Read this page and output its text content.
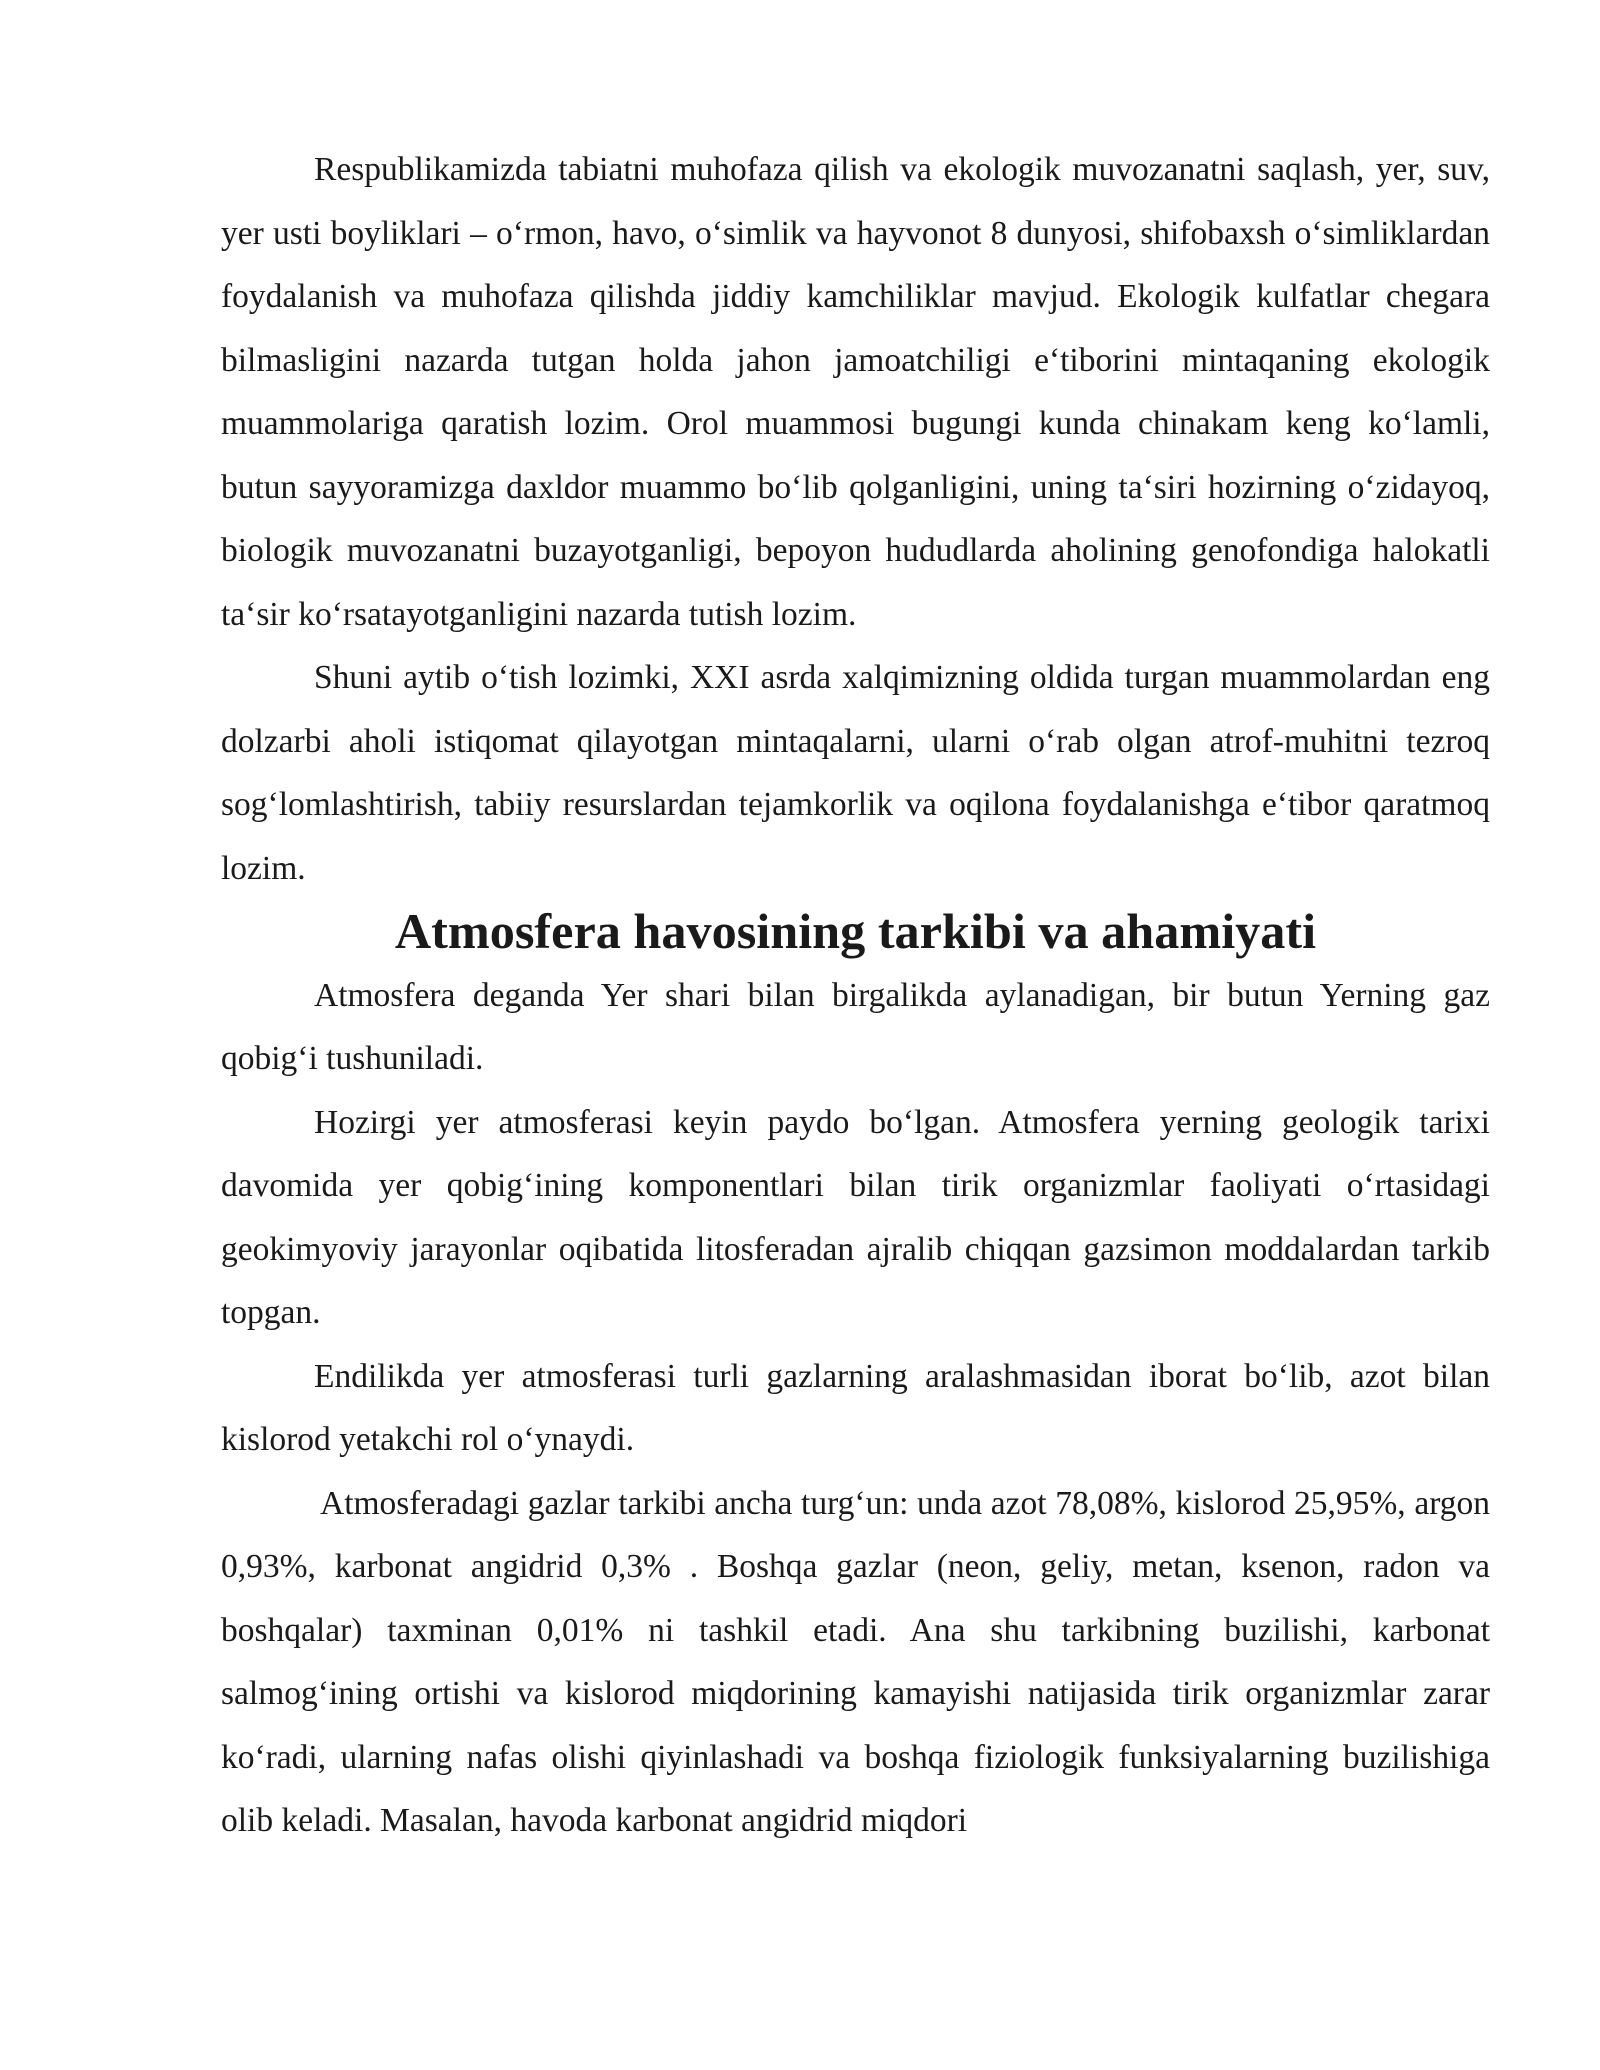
Respublikamizda tabiatni muhofaza qilish va ekologik muvozanatni saqlash, yer, suv, yer usti boyliklari – o‘rmon, havo, o‘simlik va hayvonot 8 dunyosi, shifobaxsh o‘simliklardan foydalanish va muhofaza qilishda jiddiy kamchiliklar mavjud. Ekologik kulfatlar chegara bilmasligini nazarda tutgan holda jahon jamoatchiligi e‘tiborini mintaqaning ekologik muammolariga qaratish lozim. Orol muammosi bugungi kunda chinakam keng ko‘lamli, butun sayyoramizga daxldor muammo bo‘lib qolganligini, uning ta‘siri hozirning o‘zidayoq, biologik muvozanatni buzayotganligi, bepoyon hududlarda aholining genofondiga halokatli ta‘sir ko‘rsatayotganligini nazarda tutish lozim.

Shuni aytib o‘tish lozimki, XXI asrda xalqimizning oldida turgan muammolardan eng dolzarbi aholi istiqomat qilayotgan mintaqalarni, ularni o‘rab olgan atrof-muhitni tezroq sog‘lomlashtirish, tabiiy resurslardan tejamkorlik va oqilona foydalanishga e‘tibor qaratmoq lozim.

Atmosfera havosining tarkibi va ahamiyati

Atmosfera deganda Yer shari bilan birgalikda aylanadigan, bir butun Yerning gaz qobig‘i tushuniladi.

Hozirgi yer atmosferasi keyin paydo bo‘lgan. Atmosfera yerning geologik tarixi davomida yer qobig‘ining komponentlari bilan tirik organizmlar faoliyati o‘rtasidagi geokimyoviy jarayonlar oqibatida litosferadan ajralib chiqqan gazsimon moddalardan tarkib topgan.

Endilikda yer atmosferasi turli gazlarning aralashmasidan iborat bo‘lib, azot bilan kislorod yetakchi rol o‘ynaydi.

Atmosferadagi gazlar tarkibi ancha turg‘un: unda azot 78,08%, kislorod 25,95%, argon 0,93%, karbonat angidrid 0,3% . Boshqa gazlar (neon, geliy, metan, ksenon, radon va boshqalar) taxminan 0,01% ni tashkil etadi. Ana shu tarkibning buzilishi, karbonat salmog‘ining ortishi va kislorod miqdorining kamayishi natijasida tirik organizmlar zarar ko‘radi, ularning nafas olishi qiyinlashadi va boshqa fiziologik funksiyalarning buzilishiga olib keladi. Masalan, havoda karbonat angidrid miqdori
